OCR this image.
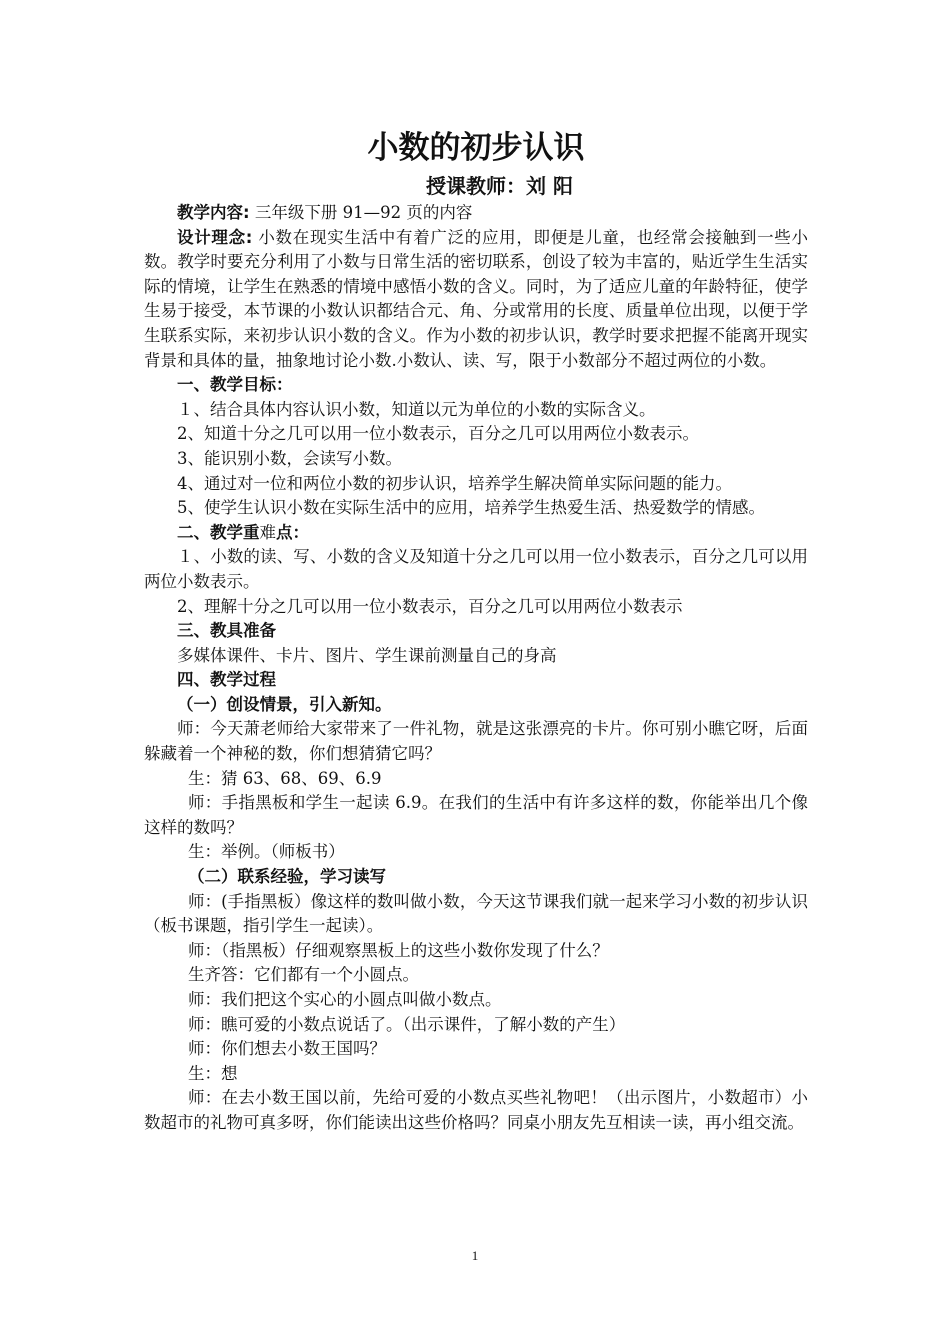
小数的初步认识
授课教师：刘 阳

教学内容: 三年级下册 91—92 页的内容

设计理念: 小数在现实生活中有着广泛的应用，即便是儿童，也经常会接触到一些小数。教学时要充分利用了小数与日常生活的密切联系，创设了较为丰富的，贴近学生生活实际的情境，让学生在熟悉的情境中感悟小数的含义。同时，为了适应儿童的年龄特征，使学生易于接受，本节课的小数认识都结合元、角、分或常用的长度、质量单位出现，以便于学生联系实际，来初步认识小数的含义。作为小数的初步认识，教学时要求把握不能离开现实背景和具体的量，抽象地讨论小数.小数认、读、写，限于小数部分不超过两位的小数。

一、教学目标：

１、结合具体内容认识小数，知道以元为单位的小数的实际含义。

2、知道十分之几可以用一位小数表示，百分之几可以用两位小数表示。

3、能识别小数，会读写小数。

4、通过对一位和两位小数的初步认识，培养学生解决简单实际问题的能力。

5、使学生认识小数在实际生活中的应用，培养学生热爱生活、热爱数学的情感。

二、教学重难点：

１、小数的读、写、小数的含义及知道十分之几可以用一位小数表示，百分之几可以用两位小数表示。

2、理解十分之几可以用一位小数表示，百分之几可以用两位小数表示

三、教具准备

多媒体课件、卡片、图片、学生课前测量自己的身高

四、教学过程

（一）创设情景，引入新知。

师：今天萧老师给大家带来了一件礼物，就是这张漂亮的卡片。你可别小瞧它呀，后面躲藏着一个神秘的数，你们想猜猜它吗？

生：猜 63、68、69、6.9

师：手指黑板和学生一起读 6.9。在我们的生活中有许多这样的数，你能举出几个像这样的数吗？

生：举例。（师板书）

（二）联系经验，学习读写

师：(手指黑板）像这样的数叫做小数，今天这节课我们就一起来学习小数的初步认识（板书课题，指引学生一起读）。

师：（指黑板）仔细观察黑板上的这些小数你发现了什么？

生齐答：它们都有一个小圆点。

师：我们把这个实心的小圆点叫做小数点。

师：瞧可爱的小数点说话了。（出示课件，了解小数的产生）

师：你们想去小数王国吗？

生：想

师：在去小数王国以前，先给可爱的小数点买些礼物吧！（出示图片，小数超市）小数超市的礼物可真多呀，你们能读出这些价格吗？同桌小朋友先互相读一读，再小组交流。

1
